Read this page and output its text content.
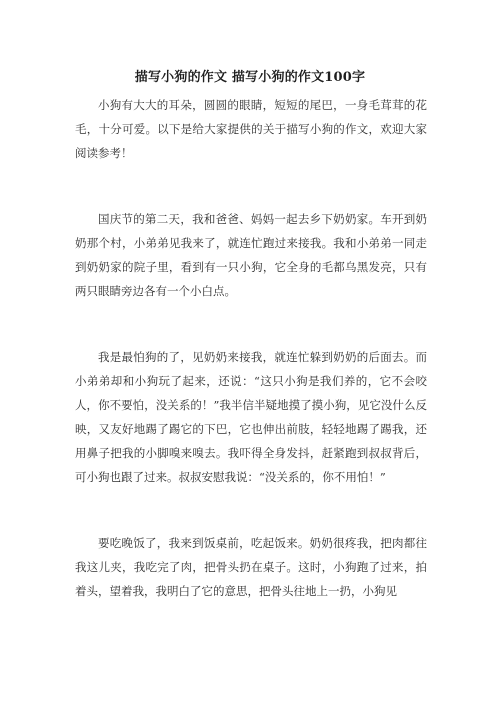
描写小狗的作文 描写小狗的作文100字

小狗有大大的耳朵，圆圆的眼睛，短短的尾巴，一身毛茸茸的花毛，十分可爱。以下是给大家提供的关于描写小狗的作文，欢迎大家阅读参考！

国庆节的第二天，我和爸爸、妈妈一起去乡下奶奶家。车开到奶奶那个村，小弟弟见我来了，就连忙跑过来接我。我和小弟弟一同走到奶奶家的院子里，看到有一只小狗，它全身的毛都乌黑发亮，只有两只眼睛旁边各有一个小白点。

我是最怕狗的了，见奶奶来接我，就连忙躲到奶奶的后面去。而小弟弟却和小狗玩了起来，还说：“这只小狗是我们养的，它不会咬人，你不要怕，没关系的！”我半信半疑地摸了摸小狗，见它没什么反映，又友好地踢了踢它的下巴，它也伸出前肢，轻轻地踢了踢我，还用鼻子把我的小脚嗅来嗅去。我吓得全身发抖，赶紧跑到叔叔背后，可小狗也跟了过来。叔叔安慰我说：“没关系的，你不用怕！”

要吃晚饭了，我来到饭桌前，吃起饭来。奶奶很疼我，把肉都往我这儿夹，我吃完了肉，把骨头扔在桌子。这时，小狗跑了过来，拍着头，望着我，我明白了它的意思，把骨头往地上一扔，小狗见
